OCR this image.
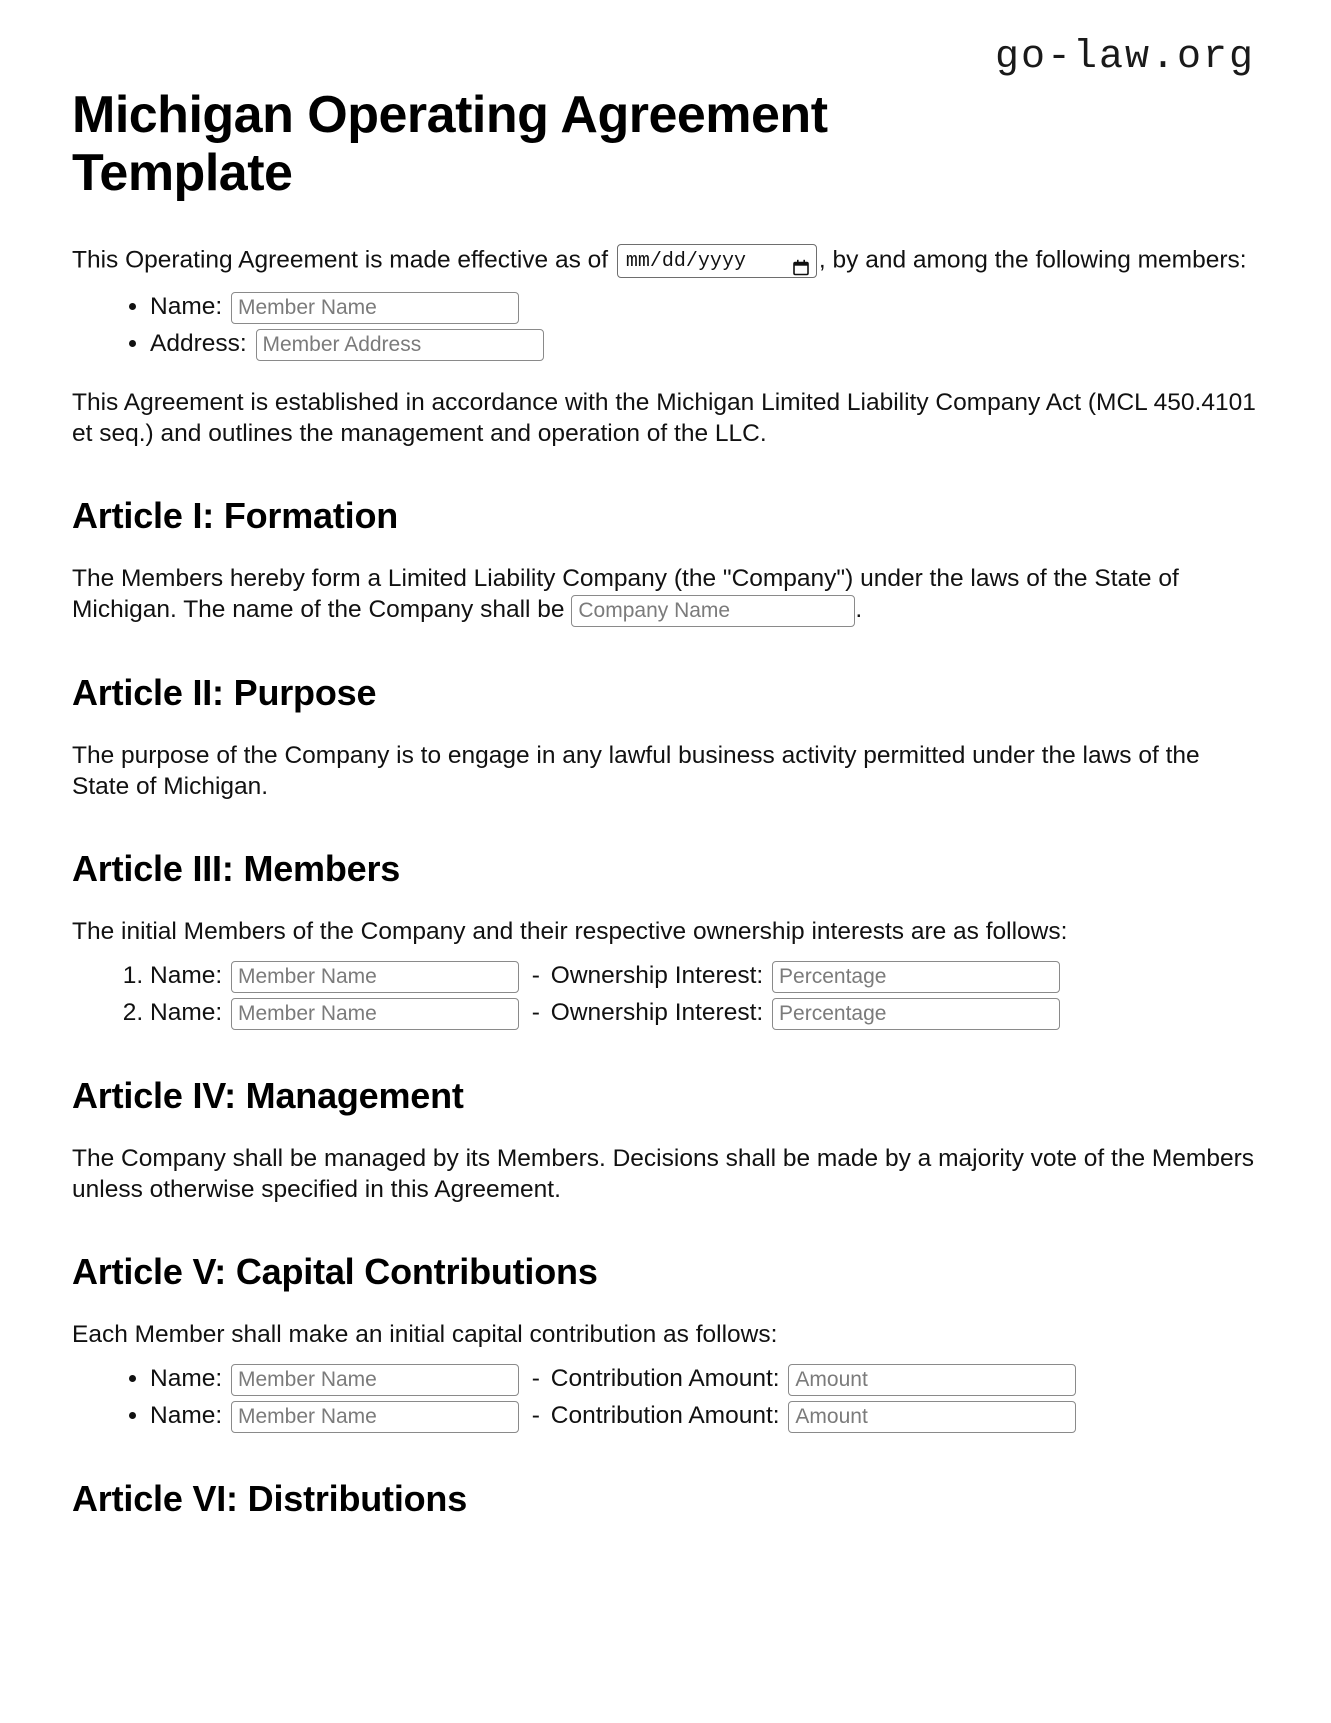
go-law.org
Michigan Operating Agreement Template

This Operating Agreement is made effective as of mm/dd/yyyy	, by and among the following members:

• Name: Member Name
• Address: Member Address

This Agreement is established in accordance with the Michigan Limited Liability Company Act (MCL 450.4101 et seq.) and outlines the management and operation of the LLC.

Article I: Formation

The Members hereby form a Limited Liability Company (the "Company") under the laws of the State of Michigan. The name of the Company shall be Company Name	.

Article II: Purpose

The purpose of the Company is to engage in any lawful business activity permitted under the laws of the State of Michigan.

Article III: Members

The initial Members of the Company and their respective ownership interests are as follows:

1. Name: Member Name	- Ownership Interest: Percentage
2. Name: Member Name	- Ownership Interest: Percentage
Article IV: Management

The Company shall be managed by its Members. Decisions shall be made by a majority vote of the Members unless otherwise specified in this Agreement.

Article V: Capital Contributions

Each Member shall make an initial capital contribution as follows:

• Name: Member Name	- Contribution Amount: Amount
• Name: Member Name	- Contribution Amount: Amount
Article VI: Distributions
